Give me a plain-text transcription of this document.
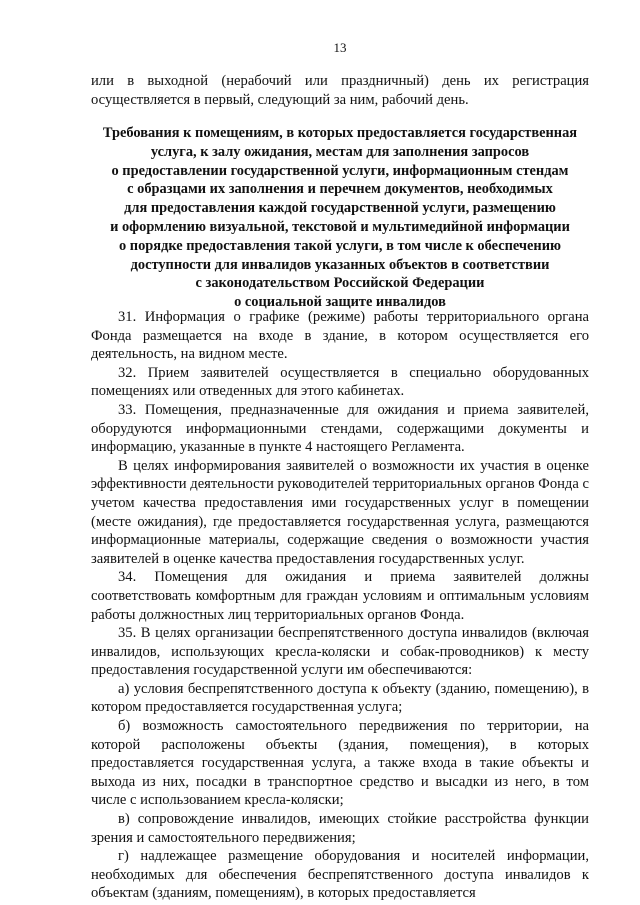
13

или в выходной (нерабочий или праздничный) день их регистрация осуществляется в первый, следующий за ним, рабочий день.

Требования к помещениям, в которых предоставляется государственная
услуга, к залу ожидания, местам для заполнения запросов
о предоставлении государственной услуги, информационным стендам
с образцами их заполнения и перечнем документов, необходимых
для предоставления каждой государственной услуги, размещению
и оформлению визуальной, текстовой и мультимедийной информации
о порядке предоставления такой услуги, в том числе к обеспечению
доступности для инвалидов указанных объектов в соответствии
с законодательством Российской Федерации
о социальной защите инвалидов

31. Информация о графике (режиме) работы территориального органа Фонда размещается на входе в здание, в котором осуществляется его деятельность, на видном месте.

32. Прием заявителей осуществляется в специально оборудованных помещениях или отведенных для этого кабинетах.

33. Помещения, предназначенные для ожидания и приема заявителей, оборудуются информационными стендами, содержащими документы и информацию, указанные в пункте 4 настоящего Регламента.

В целях информирования заявителей о возможности их участия в оценке эффективности деятельности руководителей территориальных органов Фонда с учетом качества предоставления ими государственных услуг в помещении (месте ожидания), где предоставляется государственная услуга, размещаются информационные материалы, содержащие сведения о возможности участия заявителей в оценке качества предоставления государственных услуг.

34. Помещения для ожидания и приема заявителей должны соответствовать комфортным для граждан условиям и оптимальным условиям работы должностных лиц территориальных органов Фонда.

35. В целях организации беспрепятственного доступа инвалидов (включая инвалидов, использующих кресла-коляски и собак-проводников) к месту предоставления государственной услуги им обеспечиваются:

а) условия беспрепятственного доступа к объекту (зданию, помещению), в котором предоставляется государственная услуга;

б) возможность самостоятельного передвижения по территории, на которой расположены объекты (здания, помещения), в которых предоставляется государственная услуга, а также входа в такие объекты и выхода из них, посадки в транспортное средство и высадки из него, в том числе с использованием кресла-коляски;

в) сопровождение инвалидов, имеющих стойкие расстройства функции зрения и самостоятельного передвижения;

г) надлежащее размещение оборудования и носителей информации, необходимых для обеспечения беспрепятственного доступа инвалидов к объектам (зданиям, помещениям), в которых предоставляется
